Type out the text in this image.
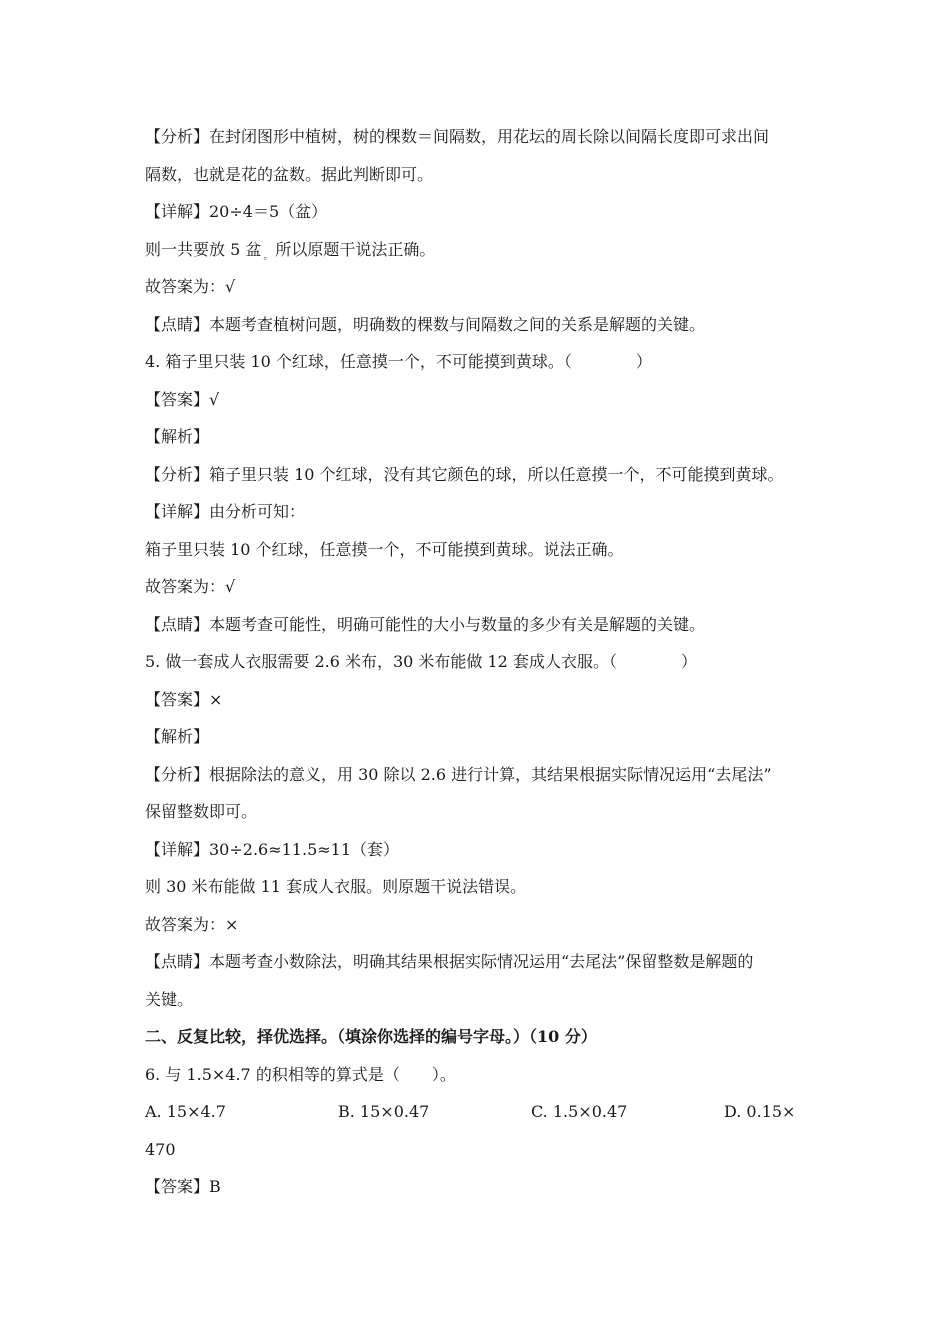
【分析】在封闭图形中植树，树的棵数＝间隔数，用花坛的周长除以间隔长度即可求出间
隔数，也就是花的盆数。据此判断即可。
【详解】20÷4＝5（盆）
则一共要放 5 盆 $_。$ 所以原题干说法正确。
故答案为：√
【点睛】本题考查植树问题，明确数的棵数与间隔数之间的关系是解题的关键。
4. 箱子里只装 10 个红球，任意摸一个，不可能摸到黄球。（　　　　）
【答案】√
【解析】
【分析】箱子里只装 10 个红球，没有其它颜色的球，所以任意摸一个，不可能摸到黄球。
【详解】由分析可知：
箱子里只装 10 个红球，任意摸一个，不可能摸到黄球。说法正确。
故答案为：√
【点睛】本题考查可能性，明确可能性的大小与数量的多少有关是解题的关键。
5. 做一套成人衣服需要 2.6 米布，30 米布能做 12 套成人衣服。（　　　　）
【答案】×
【解析】
【分析】根据除法的意义，用 30 除以 2.6 进行计算，其结果根据实际情况运用“去尾法”
保留整数即可。
【详解】30÷2.6≈11.5≈11（套）
则 30 米布能做 11 套成人衣服。则原题干说法错误。
故答案为：×
【点睛】本题考查小数除法，明确其结果根据实际情况运用“去尾法”保留整数是解题的
关键。
二、反复比较，择优选择。（填涂你选择的编号字母。）（10 分）
6. 与 1.5×4.7 的积相等的算式是（　　）。
A. 15×4.7	B. 15×0.47	C. 1.5×0.47	D. 0.15×
470
【答案】B
